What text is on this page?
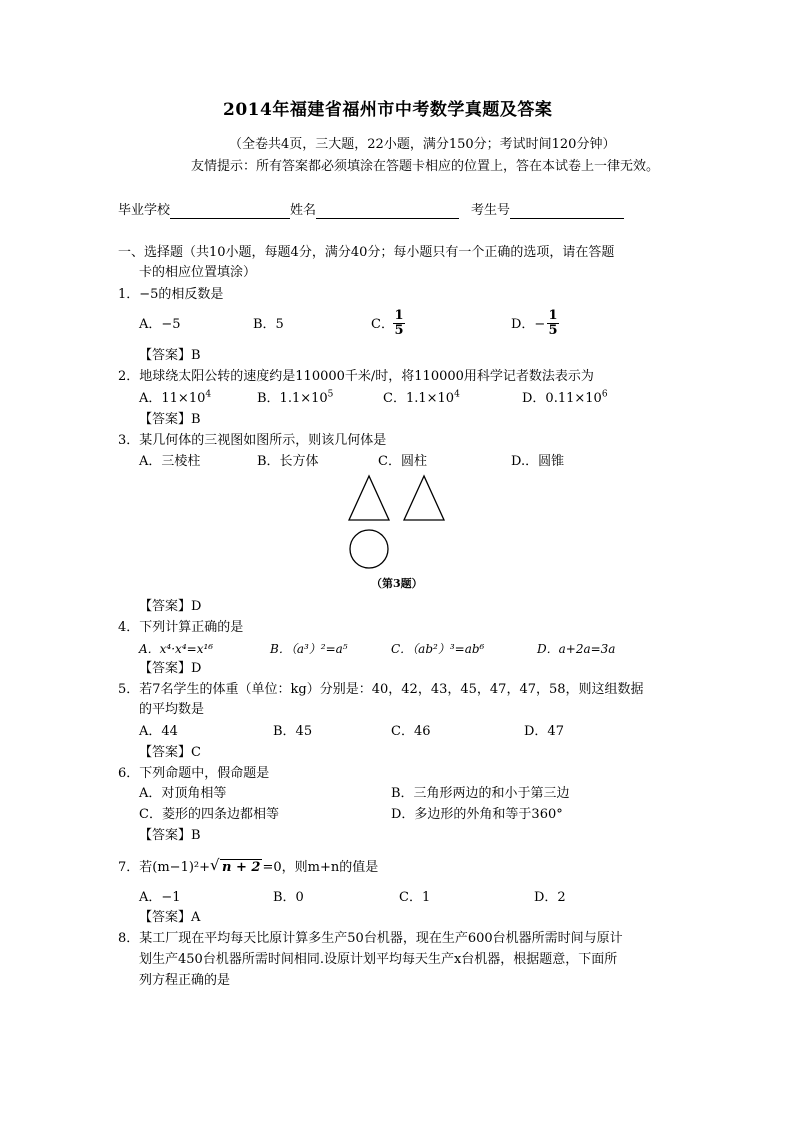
2014年福建省福州市中考数学真题及答案
（全卷共4页，三大题，22小题，满分150分；考试时间120分钟）
友情提示：所有答案都必须填涂在答题卡相应的位置上，答在本试卷上一律无效。
毕业学校	姓名	考生号
一、选择题（共10小题，每题4分，满分40分；每小题只有一个正确的选项，请在答题
卡的相应位置填涂）
1．−5的相反数是
A．−5	B．5	C． $\frac{1}{5}$	D．− $\frac{1}{5}$
【答案】B
2．地球绕太阳公转的速度约是110000千米/时，将110000用科学记者数法表示为
A．$11\times 10^4$	B．$1.1\times 10^5$	C．$1.1\times 10^4$	D．$0.11\times 10^6$
【答案】B
3．某几何体的三视图如图所示，则该几何体是
A．三棱柱	B．长方体	C．圆柱	D.．圆锥
（第3题）
【答案】D
4．下列计算正确的是
A．x⁴·x⁴=x¹⁶	B．（a³）²=a⁵	C．（ab²）³=ab⁶	D．a+2a=3a
【答案】D
5．若7名学生的体重（单位：kg）分别是：40，42，43，45，47，47，58，则这组数据
的平均数是
A．44	B．45	C．46	D．47
【答案】C
6．下列命题中，假命题是
A．对顶角相等	B．三角形两边的和小于第三边
C．菱形的四条边都相等	D．多边形的外角和等于360°
【答案】B
7．若(m−1)²+ √ n + 2 =0，则m+n的值是
A．−1	B．0	C．1	D．2
【答案】A
8．某工厂现在平均每天比原计算多生产50台机器，现在生产600台机器所需时间与原计
划生产450台机器所需时间相同.设原计划平均每天生产x台机器，根据题意，下面所
列方程正确的是
